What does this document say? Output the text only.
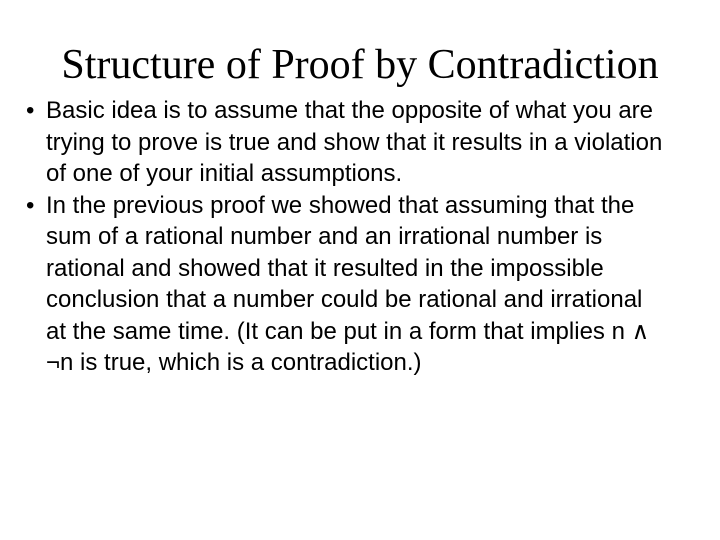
Structure of Proof by Contradiction
• Basic idea is to assume that the opposite of what you are trying to prove is true and show that it results in a violation of one of your initial assumptions.
• In the previous proof we showed that assuming that the sum of a rational number and an irrational number is rational and showed that it resulted in the impossible conclusion that a number could be rational and irrational at the same time. (It can be put in a form that implies n ∧ ¬n is true, which is a contradiction.)
